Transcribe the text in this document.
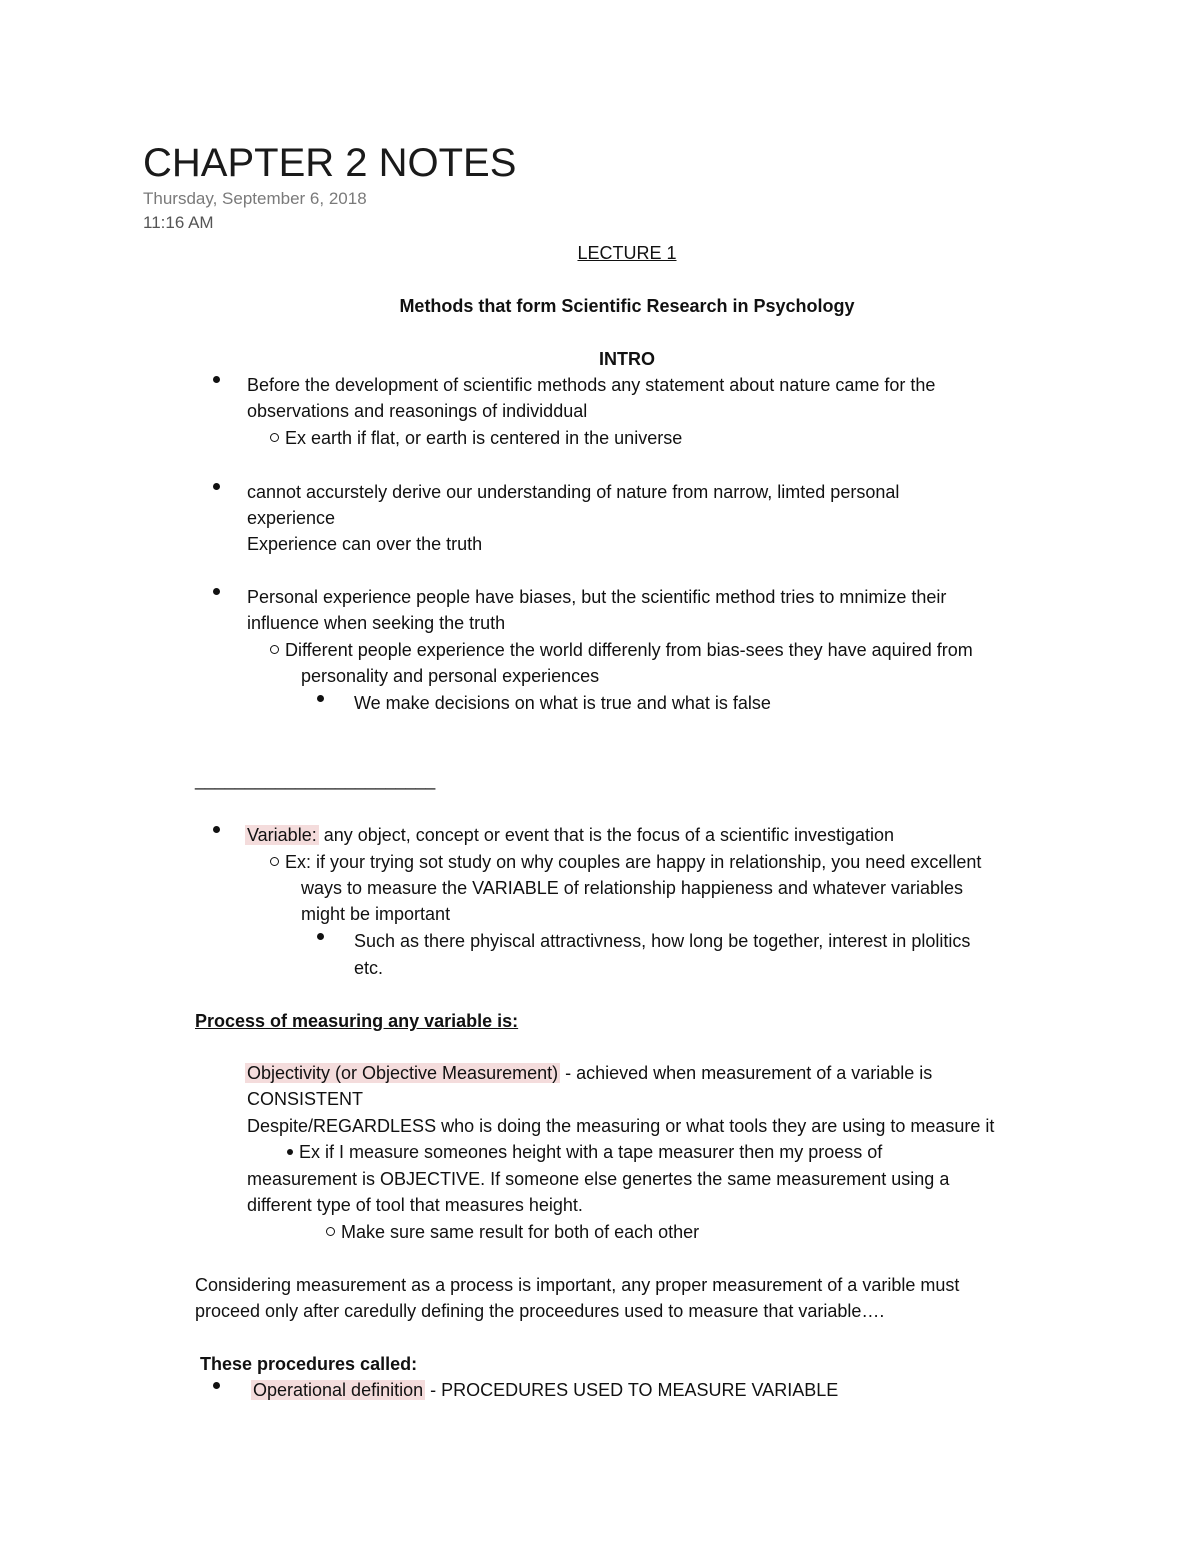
CHAPTER 2 NOTES
Thursday, September 6, 2018
11:16 AM
LECTURE 1
Methods that form Scientific Research in Psychology
INTRO
Before the development of scientific methods any statement about nature came for the
observations and reasonings of individdual
Ex earth if flat, or earth is centered in the universe
cannot accurstely derive our understanding of nature from narrow, limted personal
experience
Experience can over the truth
Personal experience people have biases, but the scientific method tries to mnimize their
influence when seeking the truth
Different people experience the world differenly from bias-sees they have aquired from
personality and personal experiences
We make decisions on what is true and what is false
________________________
Variable: any object, concept or event that is the focus of a scientific investigation
Ex: if your trying sot study on why couples are happy in relationship, you need excellent
ways to measure the VARIABLE of relationship happieness and whatever variables
might be important
Such as there phyiscal attractivness, how long be together, interest in plolitics
etc.
Process of measuring any variable is:
Objectivity (or Objective Measurement) - achieved when measurement of a variable is
CONSISTENT
Despite/REGARDLESS who is doing the measuring or what tools they are using to measure it
Ex if I measure someones height with a tape measurer then my proess of
measurement is OBJECTIVE. If someone else genertes the same measurement using a
different type of tool that measures height.
Make sure same result for both of each other
Considering measurement as a process is important, any proper measurement of a varible must
proceed only after caredully defining the proceedures used to measure that variable….
These procedures called:
Operational definition - PROCEDURES USED TO MEASURE VARIABLE
